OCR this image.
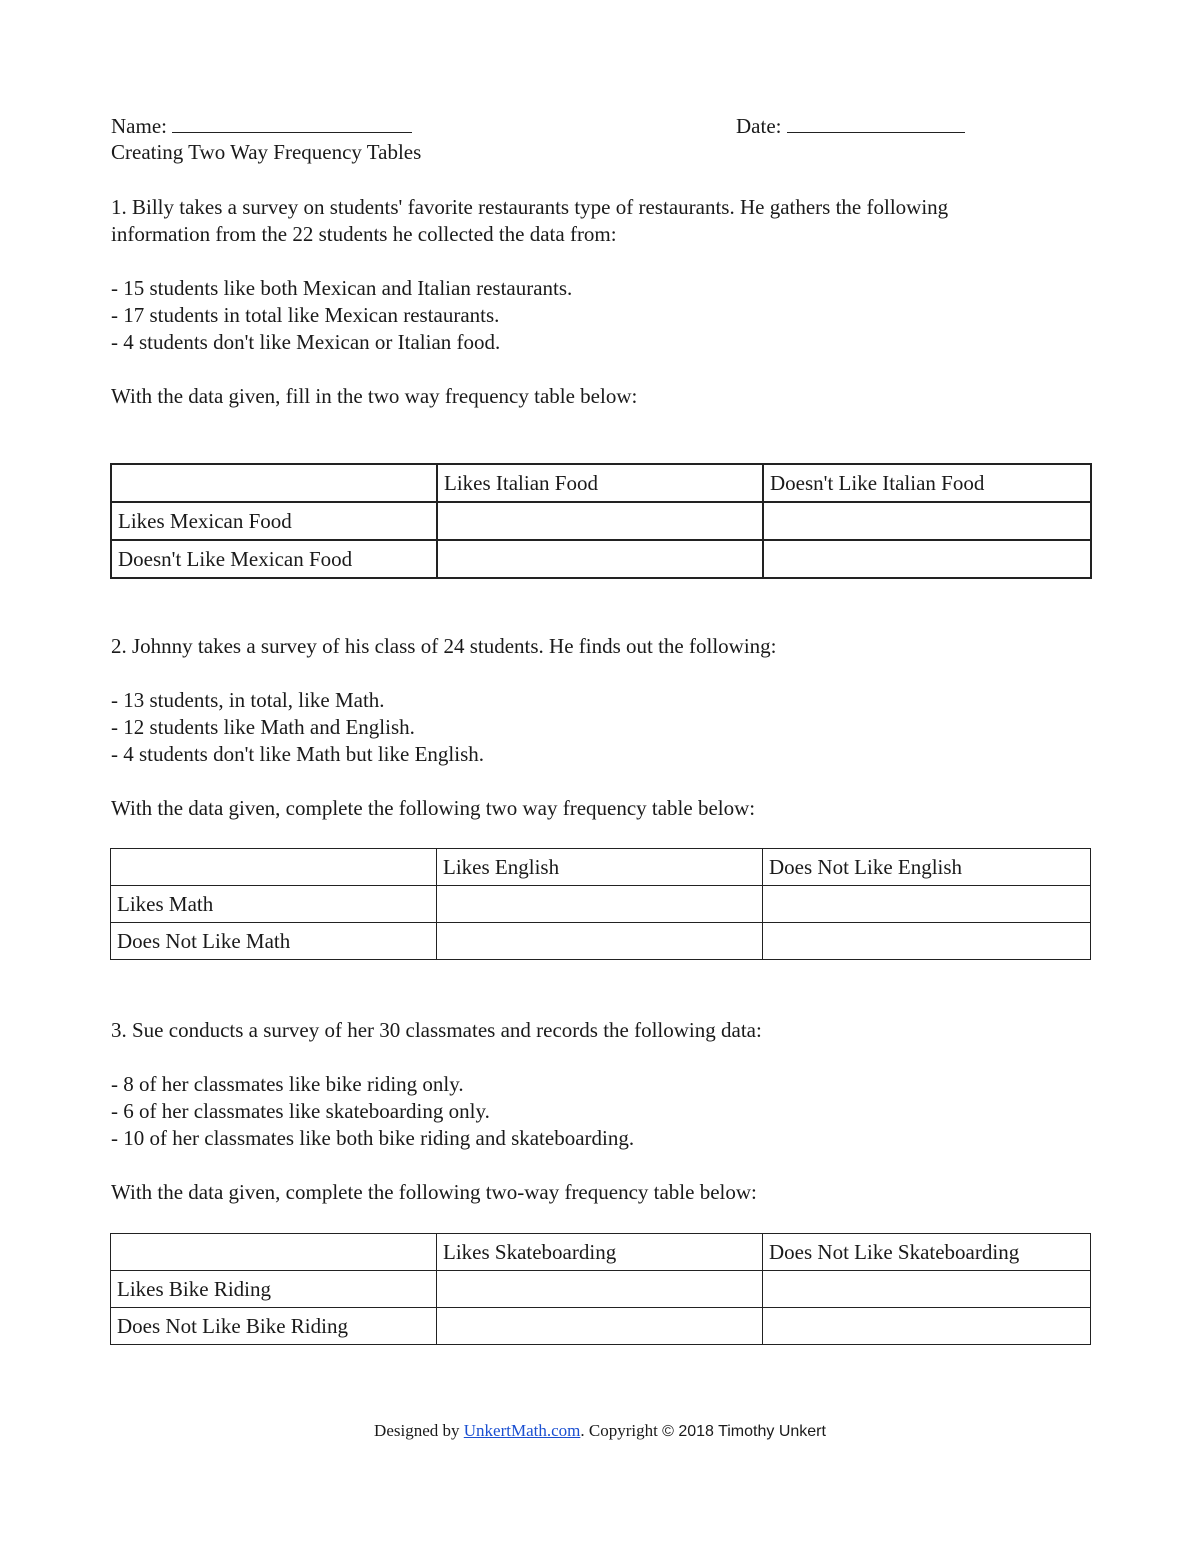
Name:	Date:
Creating Two Way Frequency Tables
1. Billy takes a survey on students' favorite restaurants type of restaurants. He gathers the following
information from the 22 students he collected the data from:
- 15 students like both Mexican and Italian restaurants.
- 17 students in total like Mexican restaurants.
- 4 students don't like Mexican or Italian food.
With the data given, fill in the two way frequency table below:
	Likes Italian Food	Doesn't Like Italian Food
Likes Mexican Food		
Doesn't Like Mexican Food		
2. Johnny takes a survey of his class of 24 students. He finds out the following:
- 13 students, in total, like Math.
- 12 students like Math and English.
- 4 students don't like Math but like English.
With the data given, complete the following two way frequency table below:
	Likes English	Does Not Like English
Likes Math		
Does Not Like Math		
3. Sue conducts a survey of her 30 classmates and records the following data:
- 8 of her classmates like bike riding only.
- 6 of her classmates like skateboarding only.
- 10 of her classmates like both bike riding and skateboarding.
With the data given, complete the following two-way frequency table below:
	Likes Skateboarding	Does Not Like Skateboarding
Likes Bike Riding		
Does Not Like Bike Riding		
Designed by UnkertMath.com. Copyright © 2018 Timothy Unkert
